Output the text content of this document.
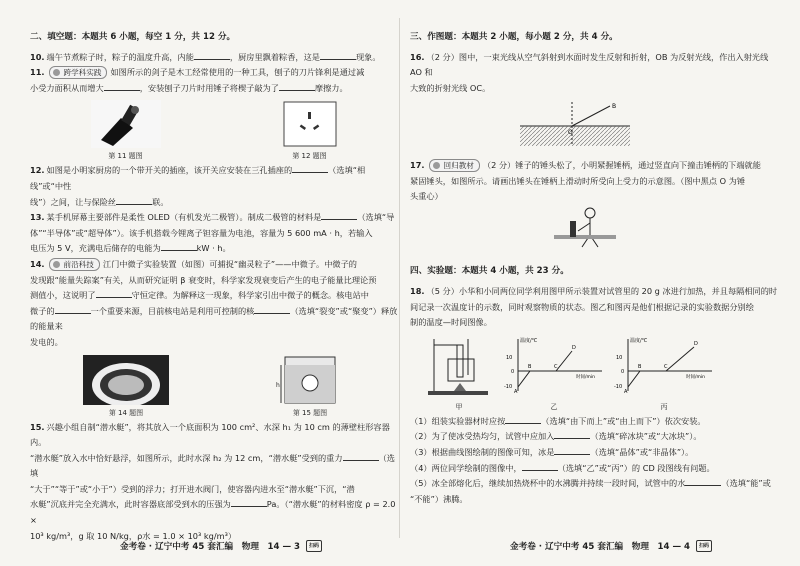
二、填空题：本题共 6 小题，每空 1 分，共 12 分。

10. 端午节煮粽子时，粽子的温度升高，内能	，厨房里飘着粽香，这是	现象。

11.	跨学科实践 如图所示的剑子是木工经常使用的一种工具，刨子的刀片锋利是通过减
小受力面积从而增大	，安装刨子刀片时用锤子将楔子敲为了	摩擦力。

第 11 题图	第 12 题图

12. 如图是小明家厨房的一个带开关的插座，该开关应安装在三孔插座的	（选填“相线”或“中性
线”）之间，让与保险丝	联。

13. 某手机屏幕主要部件是柔性 OLED（有机发光二极管）。制成二极管的材料是	（选填“导
体”“半导体”或“超导体”）。该手机搭载今锂离子钽容量为电池，容量为 5 600 mA · h，若输入
电压为 5 V，充满电后储存的电能为	kW · h。

14.	前沿科技 江门中微子实验装置（如图）可捕捉“幽灵粒子”——中微子。中微子的
发现跟“能量失踪案”有关，从而研究证明 β 衰变时，科学家发现衰变后产生的电子能量比理论预
测值小，这说明了	守恒定律。为解释这一现象，科学家引出中微子的概念。核电站中
微子的	一个重要来源，目前核电站是利用可控制的核	（选填“裂变”或“聚变”）释放的能量来
发电的。

第 14 题图
h
第 15 题图

15. 兴趣小组自制“潜水艇”，将其放入一个底面积为 100 cm²、水深 h₁ 为 10 cm 的薄壁柱形容器内。
“潜水艇”放入水中恰好悬浮，如图所示，此时水深 h₂ 为 12 cm，“潜水艇”受到的重力	（选填
“大于”“等于”或“小于”）受到的浮力；打开进水阀门，使容器内进水至“潜水艇”下沉，“潜
水艇”沉底并完全充满水，此时容器底部受到水的压强为	Pa。（“潜水艇”的材料密度 ρ = 2.0 ×
10³ kg/m³，g 取 10 N/kg，ρ水 = 1.0 × 10³ kg/m³）

金考卷 · 辽宁中考 45 套汇编　物理　14 — 3	扫码
三、作图题：本题共 2 小题，每小题 2 分，共 4 分。

16. （2 分）图中，一束光线从空气斜射到水面时发生反射和折射，OB 为反射光线，作出入射光线 AO 和
大致的折射光线 OC。

B
O

17.	回归教材 （2 分）锤子的锤头松了，小明紧握锤柄，通过竖直向下撞击锤柄的下端就能
紧固锤头，如图所示。请画出锤头在锤柄上滑动时所受向上受力的示意图。（图中黑点 O 为锤
头重心）

四、实验题：本题共 4 小题，共 23 分。

18. （5 分）小华和小同两位同学利用图甲所示装置对试管里的 20 g 冰进行加热，并且每隔相同的时
间记录一次温度计的示数，同时观察物质的状态。图乙和图丙是他们根据记录的实验数据分别绘
制的温度—时间图像。

甲
温度/℃
10
0
-10
A
B	C
D
时间/min
乙
温度/℃
10
0
-10
A
B	C
D
时间/min
丙

（1）组装实验器材时应按	（选填“由下而上”或“由上而下”）依次安装。

（2）为了使冰受热均匀，试管中应加入	（选填“碎冰块”或“大冰块”）。

（3）根据曲线图绘制的图像可知，冰是	（选填“晶体”或“非晶体”）。

（4）两位同学绘制的图像中，	（选填“乙”或“丙”）的 CD 段图线有问题。

（5）冰全部熔化后，继续加热烧杯中的水沸腾并持续一段时间，试管中的水	（选填“能”或
“不能”）沸腾。

金考卷 · 辽宁中考 45 套汇编　物理　14 — 4	扫码
